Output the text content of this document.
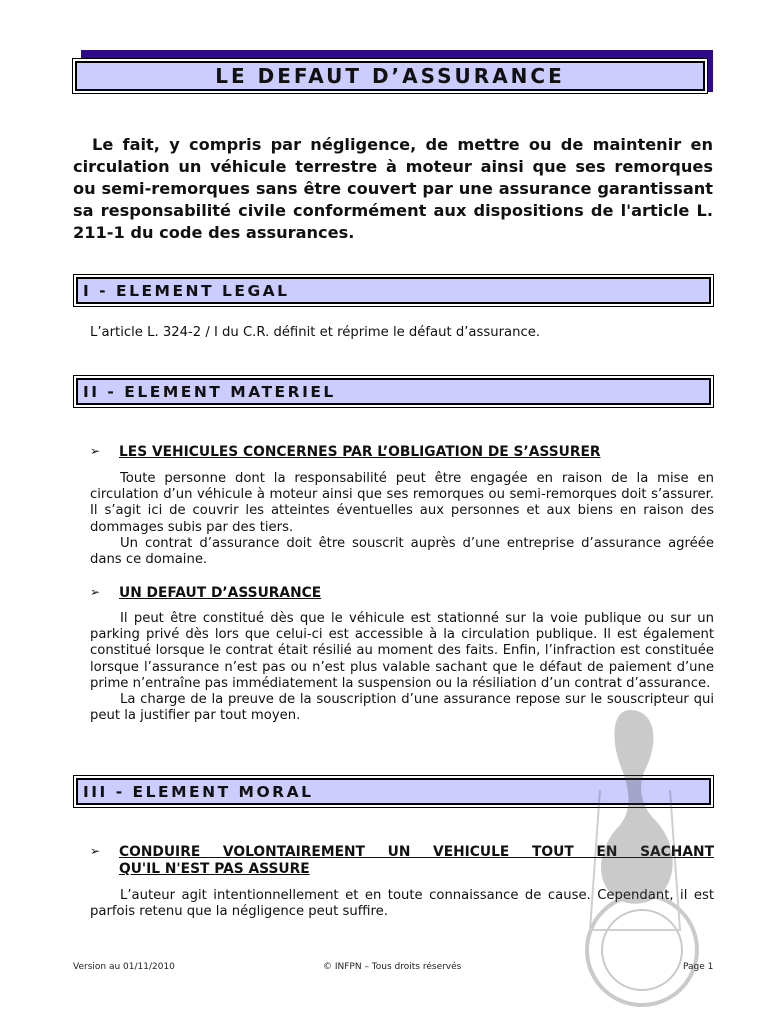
LE DEFAUT D’ASSURANCE

Le fait, y compris par négligence, de mettre ou de maintenir en circulation un véhicule terrestre à moteur ainsi que ses remorques ou semi-remorques sans être couvert par une assurance garantissant sa responsabilité civile conformément aux dispositions de l'article L. 211-1 du code des assurances.

I - ELEMENT LEGAL
L’article L. 324-2 / I du C.R. définit et réprime le défaut d’assurance.
II - ELEMENT MATERIEL
➢ LES VEHICULES CONCERNES PAR L’OBLIGATION DE S’ASSURER

Toute personne dont la responsabilité peut être engagée en raison de la mise en circulation d’un véhicule à moteur ainsi que ses remorques ou semi-remorques doit s’assurer. Il s’agit ici de couvrir les atteintes éventuelles aux personnes et aux biens en raison des dommages subis par des tiers.

Un contrat d’assurance doit être souscrit auprès d’une entreprise d’assurance agréée dans ce domaine.

➢ UN DEFAUT D’ASSURANCE

Il peut être constitué dès que le véhicule est stationné sur la voie publique ou sur un parking privé dès lors que celui-ci est accessible à la circulation publique. Il est également constitué lorsque le contrat était résilié au moment des faits. Enfin, l’infraction est constituée lorsque l’assurance n’est pas ou n’est plus valable sachant que le défaut de paiement d’une prime n’entraîne pas immédiatement la suspension ou la résiliation d’un contrat d’assurance.

La charge de la preuve de la souscription d’une assurance repose sur le souscripteur qui peut la justifier par tout moyen.

III - ELEMENT MORAL
➢ CONDUIRE VOLONTAIREMENT UN VEHICULE TOUT EN SACHANT
QU'IL N'EST PAS ASSURE

L’auteur agit intentionnellement et en toute connaissance de cause. Cependant, il est parfois retenu que la négligence peut suffire.

Version au 01/11/2010	© INFPN – Tous droits réservés	Page 1
